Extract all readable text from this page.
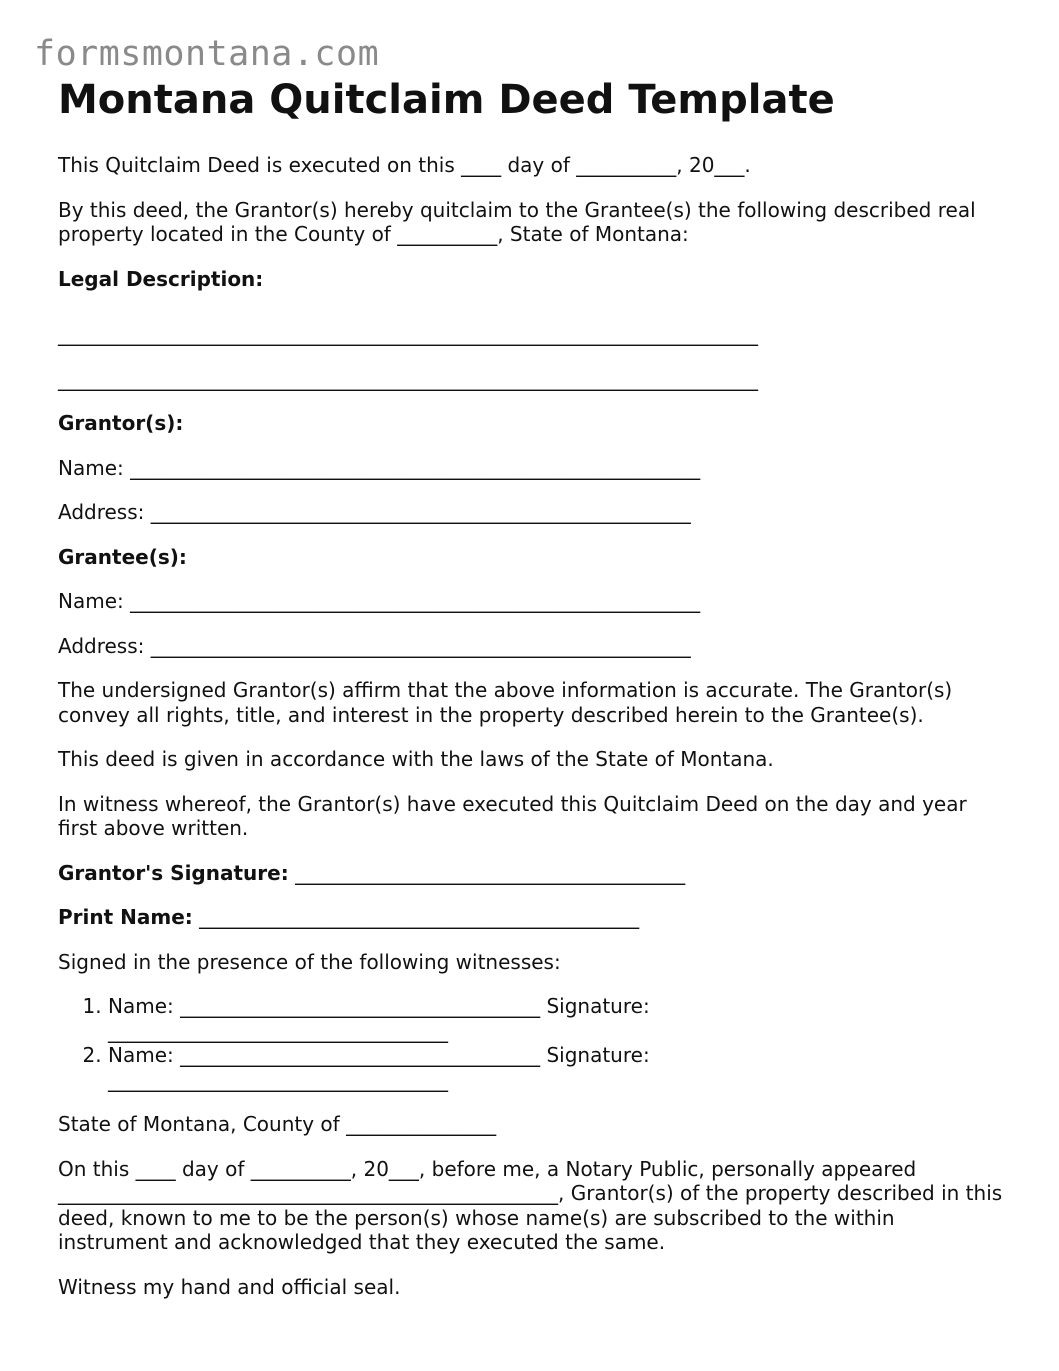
formsmontana.com
Montana Quitclaim Deed Template

This Quitclaim Deed is executed on this ____ day of __________, 20___.

By this deed, the Grantor(s) hereby quitclaim to the Grantee(s) the following described real property located in the County of __________, State of Montana:

Legal Description:

______________________________________________________________________

______________________________________________________________________

Grantor(s):

Name: _________________________________________________________

Address: ______________________________________________________

Grantee(s):

Name: _________________________________________________________

Address: ______________________________________________________

The undersigned Grantor(s) affirm that the above information is accurate. The Grantor(s) convey all rights, title, and interest in the property described herein to the Grantee(s).

This deed is given in accordance with the laws of the State of Montana.

In witness whereof, the Grantor(s) have executed this Quitclaim Deed on the day and year first above written.

Grantor's Signature: _______________________________________

Print Name: ____________________________________________

Signed in the presence of the following witnesses:

1. Name: ____________________________________ Signature: __________________________________
2. Name: ____________________________________ Signature: __________________________________

State of Montana, County of _______________

On this ____ day of __________, 20___, before me, a Notary Public, personally appeared __________________________________________________, Grantor(s) of the property described in this deed, known to me to be the person(s) whose name(s) are subscribed to the within instrument and acknowledged that they executed the same.

Witness my hand and official seal.
